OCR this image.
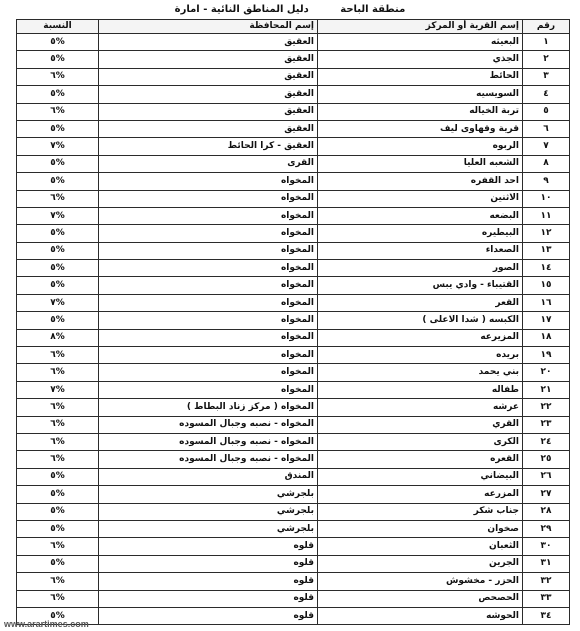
منطقة الباحة دليل المناطق النائية - امارة
رقم	إسم القرية أو المركز	إسم المحافظة	النسبة
١	البعيثه	العقيق	%٥
٢	الجذي	العقيق	%٥
٣	الحائط	العقيق	%٦
٤	السويسيه	العقيق	%٥
٥	تربة الخياله	العقيق	%٦
٦	قرية وقهاوى ليف	العقيق	%٥
٧	الربوه	العقيق - كرا الحائط	%٧
٨	الشعبه العليا	القرى	%٥
٩	احد القفره	المخواه	%٥
١٠	الاثنين	المخواه	%٦
١١	البضعه	المخواه	%٧
١٢	البيطيره	المخواه	%٥
١٣	الصعداء	المخواه	%٥
١٤	الصور	المخواه	%٥
١٥	القتيباء - وادي يبس	المخواه	%٥
١٦	القعر	المخواه	%٧
١٧	الكبسه ( شدا الاعلى )	المخواه	%٥
١٨	المزيرعه	المخواه	%٨
١٩	بريده	المخواه	%٦
٢٠	بني يحمد	المخواه	%٦
٢١	طفاله	المخواه	%٧
٢٢	عرشه	المخواه ( مركز زناد البطاط )	%٦
٢٣	القري	المخواه - نصبه وجبال المسوده	%٦
٢٤	الكرى	المخواه - نصبه وجبال المسوده	%٦
٢٥	القعره	المخواه - نصبه وجبال المسوده	%٦
٢٦	البيضاني	المندق	%٥
٢٧	المزرعه	بلجرشي	%٥
٢٨	جناب شكر	بلجرشي	%٥
٢٩	صخوان	بلجرشي	%٥
٣٠	الثعبان	قلوه	%٦
٣١	الجرين	قلوه	%٥
٣٢	الحزر - مخشوش	قلوه	%٦
٣٣	الحصحص	قلوه	%٦
٣٤	الحوشه	قلوه	%٥
www.arartimes.com
